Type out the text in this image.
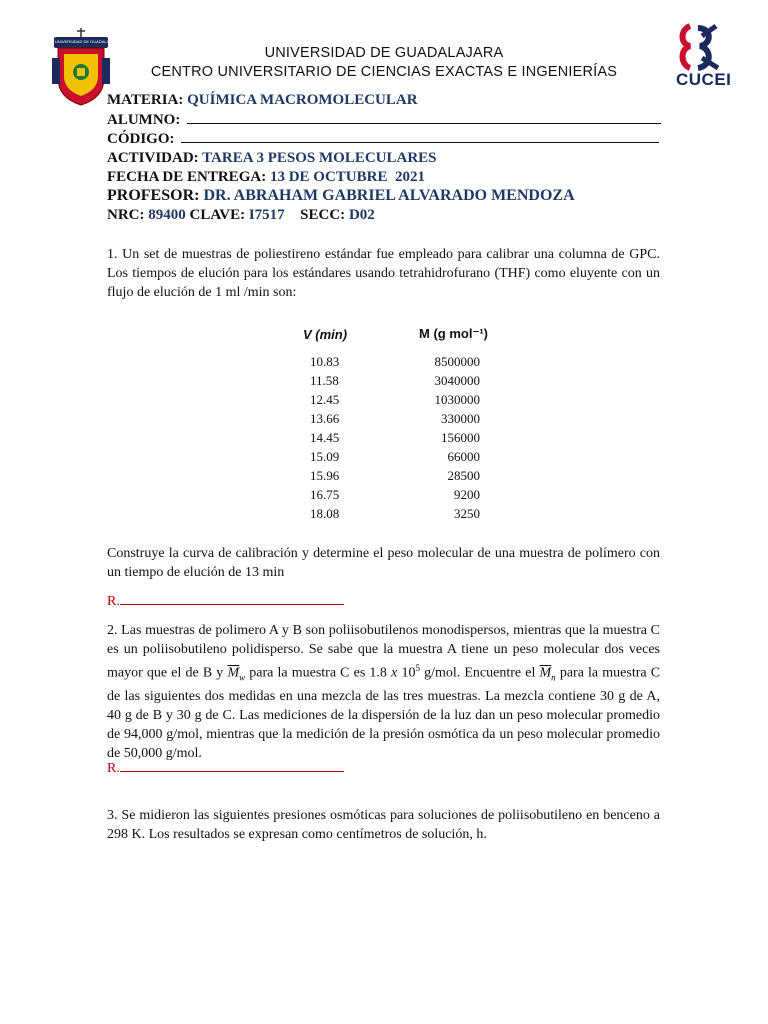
UNIVERSIDAD DE GUADALAJARA
CUCEI
UNIVERSIDAD DE GUADALAJARA
CENTRO UNIVERSITARIO DE CIENCIAS EXACTAS E INGENIERÍAS
MATERIA: QUÍMICA MACROMOLECULAR
ALUMNO:
CÓDIGO:
ACTIVIDAD: TAREA 3 PESOS MOLECULARES
FECHA DE ENTREGA: 13 DE OCTUBRE  2021
PROFESOR: DR. ABRAHAM GABRIEL ALVARADO MENDOZA
NRC: 89400 CLAVE: I7517 SECC: D02
1. Un set de muestras de poliestireno estándar fue empleado para calibrar una columna de GPC. Los tiempos de elución para los estándares usando tetrahidrofurano (THF) como eluyente con un flujo de elución de 1 ml /min son:
V (min)	M (g mol⁻¹)
10.83	8500000
11.58	3040000
12.45	1030000
13.66	330000
14.45	156000
15.09	66000
15.96	28500
16.75	9200
18.08	3250
Construye la curva de calibración y determine el peso molecular de una muestra de polímero con un tiempo de elución de 13 min
R.
2. Las muestras de polimero A y B son poliisobutilenos monodispersos, mientras que la muestra C es un poliisobutileno polidisperso. Se sabe que la muestra A tiene un peso molecular dos veces mayor que el de B y $\overline{M}_w$ para la muestra C es 1.8 x $10^5$ g/mol. Encuentre el $\overline{M}_n$ para la muestra C de las siguientes dos medidas en una mezcla de las tres muestras. La mezcla contiene 30 g de A, 40 g de B y 30 g de C. Las mediciones de la dispersión de la luz dan un peso molecular promedio de 94,000 g/mol, mientras que la medición de la presión osmótica da un peso molecular promedio de 50,000 g/mol.
R.
3. Se midieron las siguientes presiones osmóticas para soluciones de poliisobutileno en benceno a 298 K. Los resultados se expresan como centímetros de solución, h.
